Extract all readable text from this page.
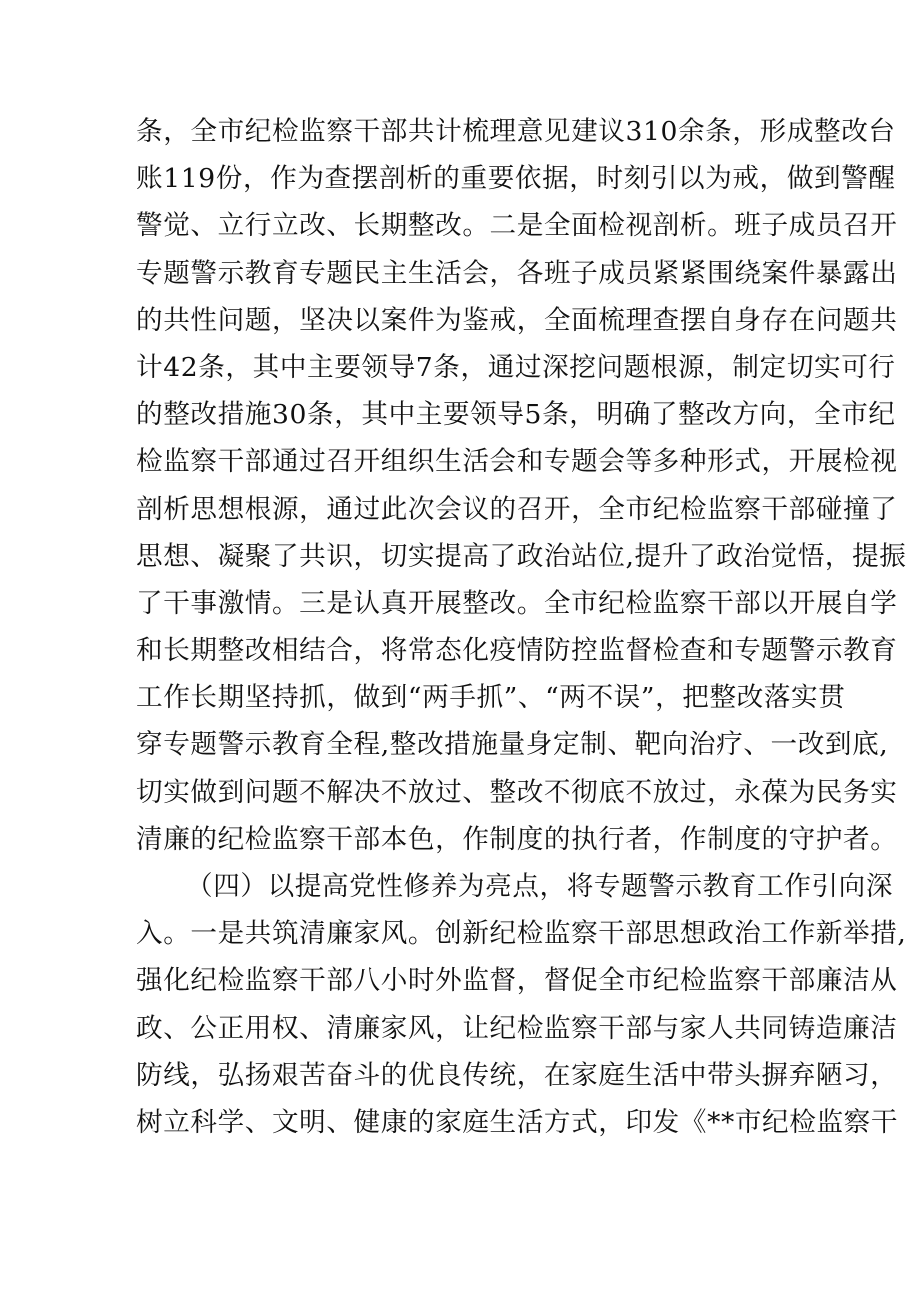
条，全市纪检监察干部共计梳理意见建议310余条，形成整改台
账119份，作为查摆剖析的重要依据，时刻引以为戒，做到警醒
警觉、立行立改、长期整改。二是全面检视剖析。班子成员召开
专题警示教育专题民主生活会，各班子成员紧紧围绕案件暴露出
的共性问题，坚决以案件为鉴戒，全面梳理查摆自身存在问题共
计42条，其中主要领导7条，通过深挖问题根源，制定切实可行
的整改措施30条，其中主要领导5条，明确了整改方向，全市纪
检监察干部通过召开组织生活会和专题会等多种形式，开展检视
剖析思想根源，通过此次会议的召开，全市纪检监察干部碰撞了
思想、凝聚了共识，切实提高了政治站位,提升了政治觉悟，提振
了干事激情。三是认真开展整改。全市纪检监察干部以开展自学
和长期整改相结合，将常态化疫情防控监督检查和专题警示教育
工作长期坚持抓，做到“两手抓”、“两不误”，把整改落实贯
穿专题警示教育全程,整改措施量身定制、靶向治疗、一改到底,
切实做到问题不解决不放过、整改不彻底不放过，永葆为民务实
清廉的纪检监察干部本色，作制度的执行者，作制度的守护者。
（四）以提高党性修养为亮点，将专题警示教育工作引向深
入。一是共筑清廉家风。创新纪检监察干部思想政治工作新举措,
强化纪检监察干部八小时外监督，督促全市纪检监察干部廉洁从
政、公正用权、清廉家风，让纪检监察干部与家人共同铸造廉洁
防线，弘扬艰苦奋斗的优良传统，在家庭生活中带头摒弃陋习，
树立科学、文明、健康的家庭生活方式，印发《**市纪检监察干
